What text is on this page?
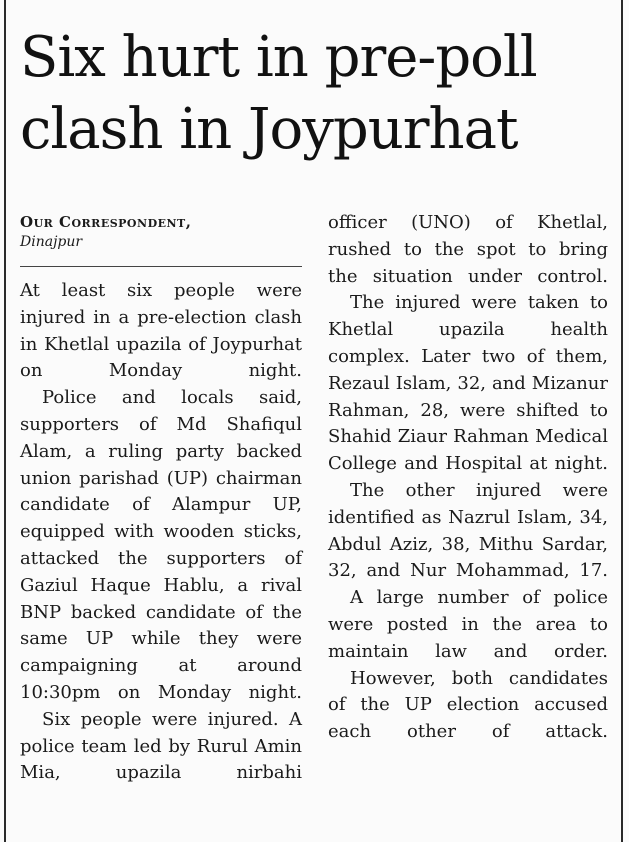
Six hurt in pre-poll
clash in Joypurhat
Our Correspondent,
Dinajpur

At least six people were injured in a pre-election clash in Khetlal upazila of Joypurhat on Monday night.

Police and locals said, supporters of Md Shafiqul Alam, a ruling party backed union parishad (UP) chairman candidate of Alampur UP, equipped with wooden sticks, attacked the supporters of Gaziul Haque Hablu, a rival BNP backed candidate of the same UP while they were campaigning at around 10:30pm on Monday night.

Six people were injured. A police team led by Rurul Amin Mia, upazila nirbahi

officer (UNO) of Khetlal, rushed to the spot to bring the situation under control.

The injured were taken to Khetlal upazila health complex. Later two of them, Rezaul Islam, 32, and Mizanur Rahman, 28, were shifted to Shahid Ziaur Rahman Medical College and Hospital at night.

The other injured were identified as Nazrul Islam, 34, Abdul Aziz, 38, Mithu Sardar, 32, and Nur Mohammad, 17.

A large number of police were posted in the area to maintain law and order.

However, both candidates of the UP election accused each other of attack.
